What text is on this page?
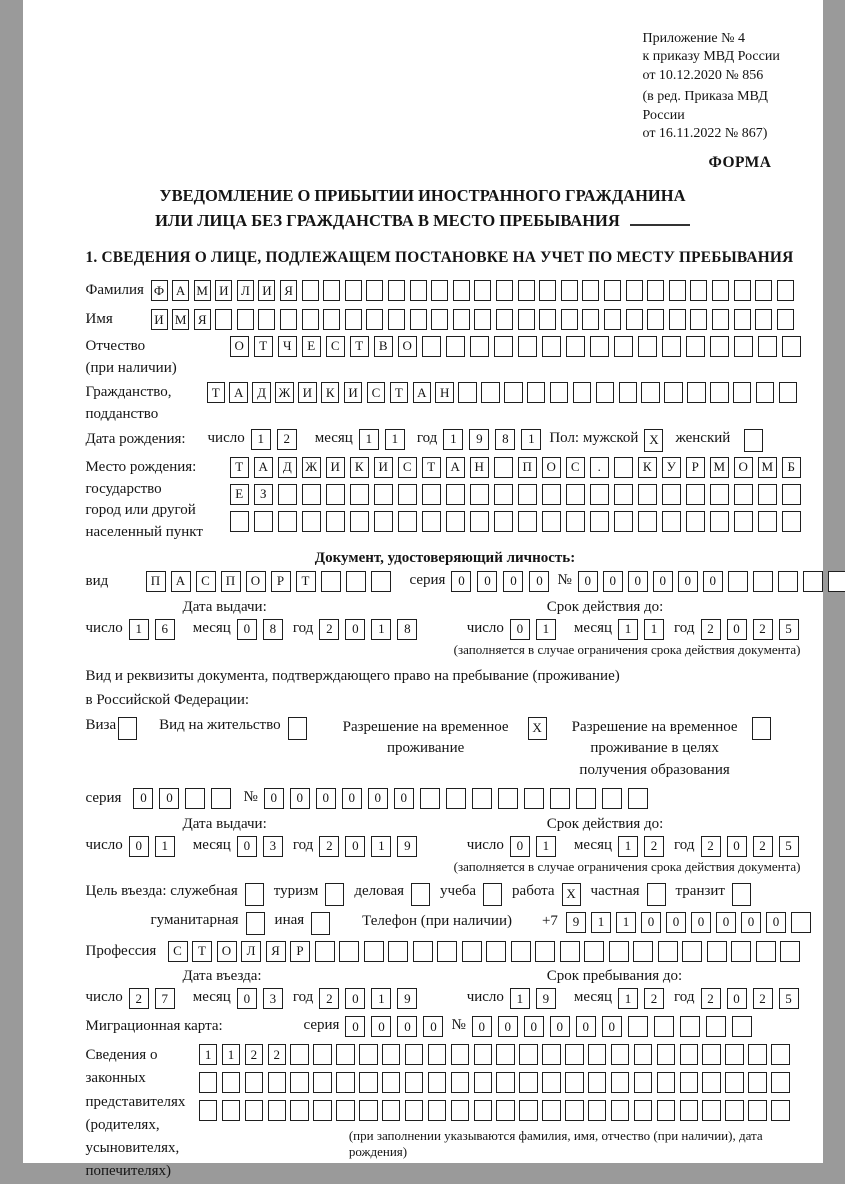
Приложение № 4
к приказу МВД России
от 10.12.2020 № 856
(в ред. Приказа МВД России
от 16.11.2022 № 867)
ФОРМА
УВЕДОМЛЕНИЕ О ПРИБЫТИИ ИНОСТРАННОГО ГРАЖДАНИНА
ИЛИ ЛИЦА БЕЗ ГРАЖДАНСТВА В МЕСТО ПРЕБЫВАНИЯ
1. СВЕДЕНИЯ О ЛИЦЕ, ПОДЛЕЖАЩЕМ ПОСТАНОВКЕ НА УЧЕТ ПО МЕСТУ ПРЕБЫВАНИЯ
Фамилия Ф А М И Л И Я
Имя	И М Я
Отчество
(при наличии)
О	Т	Ч	Е	С	Т	В	О
Гражданство,
подданство
Т	А	Д Ж И	К	И	С	Т	А	Н
Дата рождения:	число 1	2	месяц 1	1	год 1	9	8	1 Пол: мужской X	женский
Место рождения:
государство
город или другой
населенный пункт
Т	А	Д	Ж	И	К	И	С	Т	А	Н	П	О	С	.	К	У	Р	М	О	М	Б
Е	З
Документ, удостоверяющий личность:
вид	П	А	С	П	О	Р	Т	серия 0	0	0	0 № 0	0	0	0	0	0
Дата выдачи:
число 1	6	месяц 0	8	год 2	0	1	8
Срок действия до:
число 0	1	месяц 1	1	год 2	0	2	5
(заполняется в случае ограничения срока действия документа)
Вид и реквизиты документа, подтверждающего право на пребывание (проживание)
в Российской Федерации:
Виза	Вид на жительство	Разрешение на временное проживание
X	Разрешение на временное проживание в целях получения образования
серия	0	0	№ 0	0	0	0	0	0
Дата выдачи:
число 0	1	месяц 0	3	год 2	0	1	9
Срок действия до:
число 0	1	месяц 1	2	год 2	0	2	5
(заполняется в случае ограничения срока действия документа)
Цель въезда: служебная туризм деловая учеба работа X частная транзит
гуманитарная иная	Телефон (при наличии) +7	9	1	1	0	0	0	0	0	0
Профессия	С	Т	О	Л	Я	Р
Дата въезда:
число 2	7	месяц 0	3	год 2	0	1	9
Срок пребывания до:
число 1	9	месяц 1	2	год 2	0	2	5
Миграционная карта:	серия 0	0	0	0 № 0	0	0	0	0	0
Сведения о
законных
представителях
(родителях,
усыновителях,
попечителях)
1	1	2	2
(при заполнении указываются фамилия, имя, отчество (при наличии), дата рождения)
